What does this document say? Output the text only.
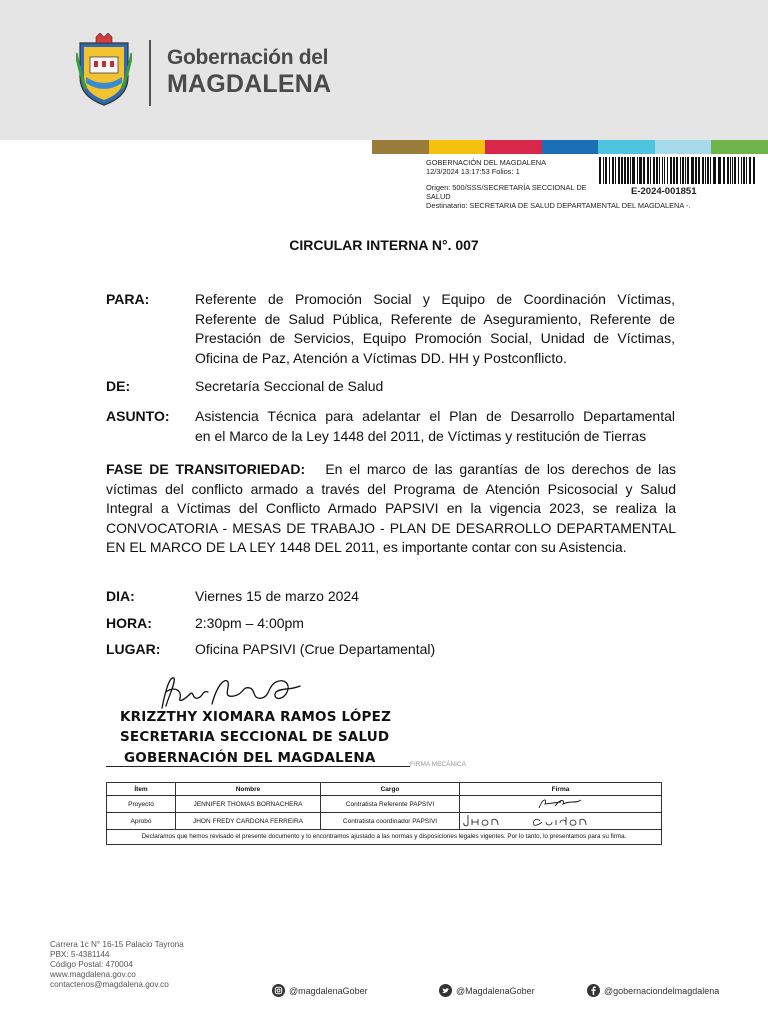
Gobernación del
MAGDALENA
GOBERNACIÓN DEL MAGDALENA
12/3/2024 13:17:53 Folios: 1
Origen: 500/SSS/SECRETARÍA SECCIONAL DE
SALUD
Destinatario: SECRETARIA DE SALUD DEPARTAMENTAL DEL MAGDALENA -.
E-2024-001851
CIRCULAR INTERNA N°. 007
PARA:	Referente de Promoción Social y Equipo de Coordinación Víctimas,
Referente de Salud Pública, Referente de Aseguramiento, Referente de
Prestación de Servicios, Equipo Promoción Social, Unidad de Víctimas,
Oficina de Paz, Atención a Víctimas DD. HH y Postconflicto.
DE:	Secretaría Seccional de Salud
ASUNTO: Asistencia Técnica para adelantar el Plan de Desarrollo Departamental
en el Marco de la Ley 1448 del 2011, de Víctimas y restitución de Tierras
FASE DE TRANSITORIEDAD: En el marco de las garantías de los derechos de las víctimas del conflicto armado a través del Programa de Atención Psicosocial y Salud Integral a Víctimas del Conflicto Armado PAPSIVI en la vigencia 2023, se realiza la CONVOCATORIA - MESAS DE TRABAJO - PLAN DE DESARROLLO DEPARTAMENTAL EN EL MARCO DE LA LEY 1448 DEL 2011, es importante contar con su Asistencia.
DIA:	Viernes 15 de marzo 2024
HORA:	2:30pm – 4:00pm
LUGAR: Oficina PAPSIVI (Crue Departamental)
KRIZZTHY XIOMARA RAMOS LÓPEZ
SECRETARIA SECCIONAL DE SALUD
GOBERNACIÓN DEL MAGDALENA	FIRMA MECÁNICA
Ítem	Nombre	Cargo	Firma
Proyectó	JENNIFER THOMAS BORNACHERA	Contratista Referente PAPSIVI	
Aprobó	JHON FREDY CARDONA FERREIRA	Contratista coordinador PAPSIVI	
Declaramos que hemos revisado el presente documento y lo encontramos ajustado a las normas y disposiciones legales vigentes. Por lo tanto, lo presentamos para su firma.			
Carrera 1c N° 16-15 Palacio Tayrona
PBX: 5-4381144
Código Postal: 470004
www.magdalena.gov.co
contactenos@magdalena.gov.co
@magdalenaGober	@MagdalenaGober	@gobernaciondelmagdalena
